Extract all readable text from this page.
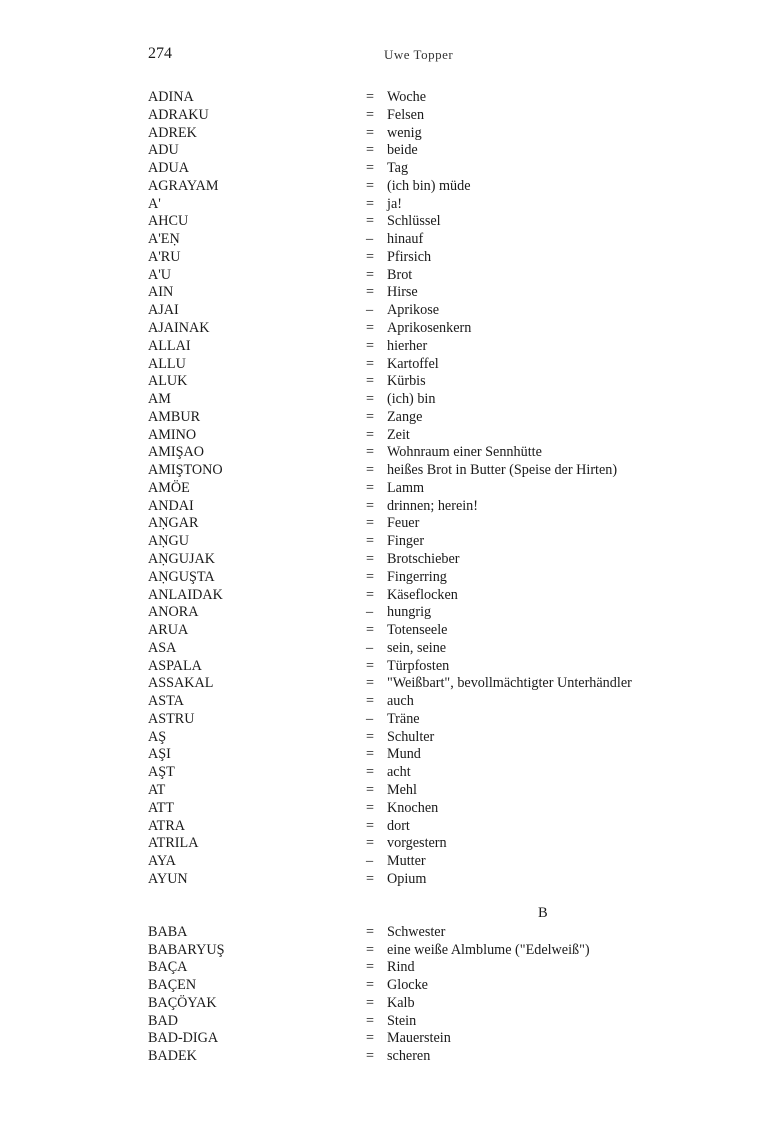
274	Uwe Topper
ADINA	= Woche
ADRAKU	= Felsen
ADREK	= wenig
ADU	= beide
ADUA	= Tag
AGRAYAM	= (ich bin) müde
A'	= ja!
AHCU	= Schlüssel
A'EṆ	– hinauf
A'RU	= Pfirsich
A'U	= Brot
AIN	= Hirse
AJAI	– Aprikose
AJAINAK	= Aprikosenkern
ALLAI	= hierher
ALLU	= Kartoffel
ALUK	= Kürbis
AM	= (ich) bin
AMBUR	= Zange
AMINO	= Zeit
AMIŞAO	= Wohnraum einer Sennhütte
AMIŞTONO	= heißes Brot in Butter (Speise der Hirten)
AMÖE	= Lamm
ANDAI	= drinnen; herein!
AṆGAR	= Feuer
AṆGU	= Finger
AṆGUJAK	= Brotschieber
AṆGUŞTA	= Fingerring
ANLAIDAK	= Käseflocken
ANORA	– hungrig
ARUA	= Totenseele
ASA	– sein, seine
ASPALA	= Türpfosten
ASSAKAL	= "Weißbart", bevollmächtigter Unterhändler
ASTA	= auch
ASTRU	– Träne
AŞ	= Schulter
AŞI	= Mund
AŞT	= acht
AT	= Mehl
ATT	= Knochen
ATRA	= dort
ATRILA	= vorgestern
AYA	– Mutter
AYUN	= Opium
B
BABA	= Schwester
BABARYUŞ	= eine weiße Almblume ("Edelweiß")
BAÇA	= Rind
BAÇEN	= Glocke
BAÇÖYAK	= Kalb
BAD	= Stein
BAD-DIGA	= Mauerstein
BADEK	= scheren
